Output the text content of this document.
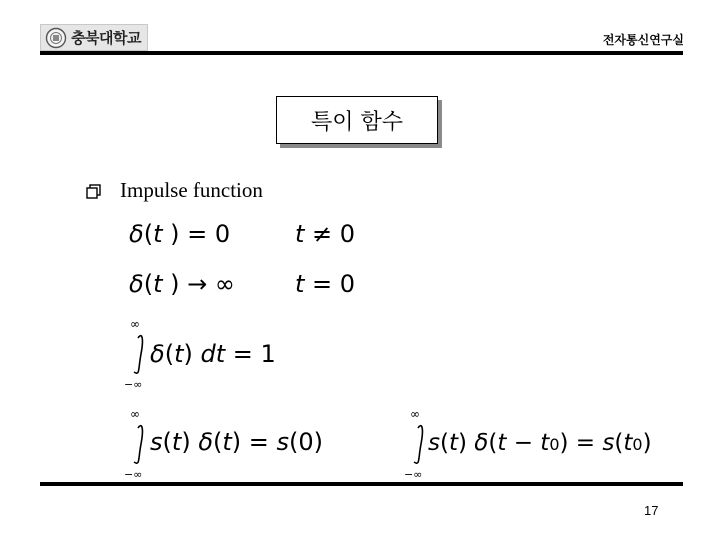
충북대학교	전자통신연구실
특이 함수
Impulse function
δ(t ) = 0	t ≠ 0
δ(t ) → ∞	t = 0
∞
−∞
δ(t) dt = 1
∞
−∞
s(t) δ(t) = s(0)
∞
−∞
s(t) δ(t − t0) = s(t0)
17
